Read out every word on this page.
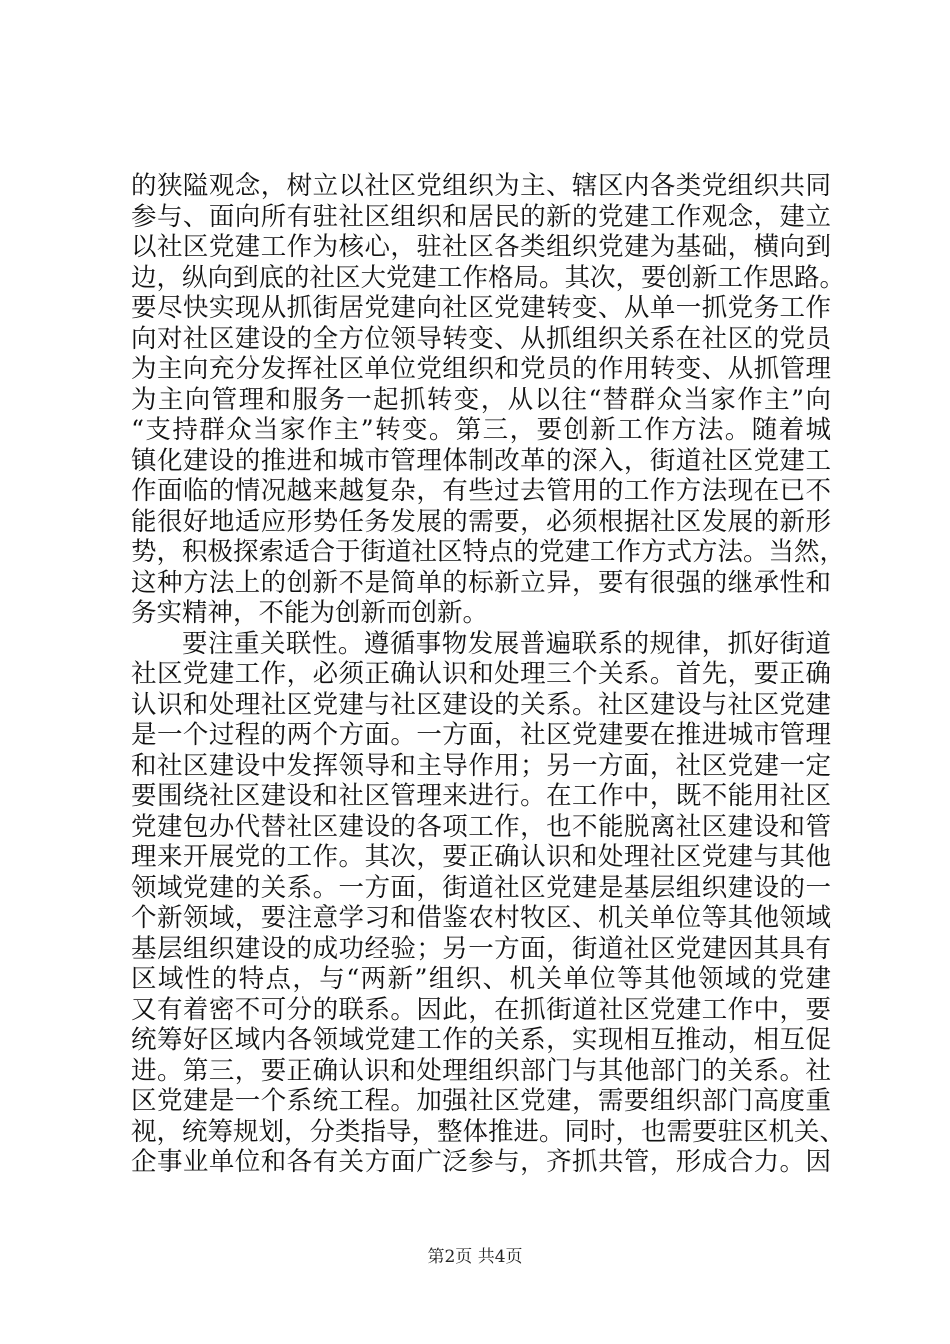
的狭隘观念，树立以社区党组织为主、辖区内各类党组织共同
参与、面向所有驻社区组织和居民的新的党建工作观念，建立
以社区党建工作为核心，驻社区各类组织党建为基础，横向到
边，纵向到底的社区大党建工作格局。其次，要创新工作思路。
要尽快实现从抓街居党建向社区党建转变、从单一抓党务工作
向对社区建设的全方位领导转变、从抓组织关系在社区的党员
为主向充分发挥社区单位党组织和党员的作用转变、从抓管理
为主向管理和服务一起抓转变，从以往“替群众当家作主”向
“支持群众当家作主”转变。第三，要创新工作方法。随着城
镇化建设的推进和城市管理体制改革的深入，街道社区党建工
作面临的情况越来越复杂，有些过去管用的工作方法现在已不
能很好地适应形势任务发展的需要，必须根据社区发展的新形
势，积极探索适合于街道社区特点的党建工作方式方法。当然，
这种方法上的创新不是简单的标新立异，要有很强的继承性和
务实精神，不能为创新而创新。
要注重关联性。遵循事物发展普遍联系的规律，抓好街道
社区党建工作，必须正确认识和处理三个关系。首先，要正确
认识和处理社区党建与社区建设的关系。社区建设与社区党建
是一个过程的两个方面。一方面，社区党建要在推进城市管理
和社区建设中发挥领导和主导作用；另一方面，社区党建一定
要围绕社区建设和社区管理来进行。在工作中，既不能用社区
党建包办代替社区建设的各项工作，也不能脱离社区建设和管
理来开展党的工作。其次，要正确认识和处理社区党建与其他
领域党建的关系。一方面，街道社区党建是基层组织建设的一
个新领域，要注意学习和借鉴农村牧区、机关单位等其他领域
基层组织建设的成功经验；另一方面，街道社区党建因其具有
区域性的特点，与“两新”组织、机关单位等其他领域的党建
又有着密不可分的联系。因此，在抓街道社区党建工作中，要
统筹好区域内各领域党建工作的关系，实现相互推动，相互促
进。第三，要正确认识和处理组织部门与其他部门的关系。社
区党建是一个系统工程。加强社区党建，需要组织部门高度重
视，统筹规划，分类指导，整体推进。同时，也需要驻区机关、
企事业单位和各有关方面广泛参与，齐抓共管，形成合力。因
第2页 共4页
